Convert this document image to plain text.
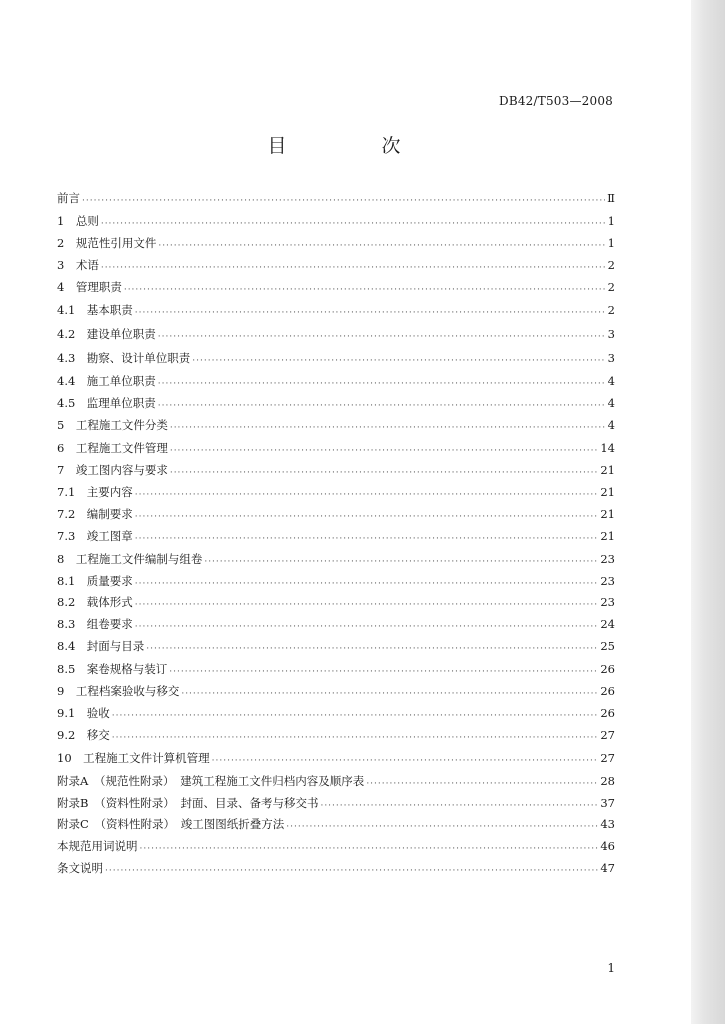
DB42/T503—2008
目　次
前言 ·····	Ⅱ
1　总则 ·····	1
2　规范性引用文件 ·····	1
3　术语 ·····	2
4　管理职责 ·····	2
4.1　基本职责 ·····	2
4.2　建设单位职责 ·····	3
4.3　勘察、设计单位职责 ·····	3
4.4　施工单位职责 ·····	4
4.5　监理单位职责 ·····	4
5　工程施工文件分类 ·····	4
6　工程施工文件管理 ·····	14
7　竣工图内容与要求 ·····	21
7.1　主要内容 ·····	21
7.2　编制要求 ·····	21
7.3　竣工图章 ·····	21
8　工程施工文件编制与组卷 ·····	23
8.1　质量要求 ·····	23
8.2　载体形式 ·····	23
8.3　组卷要求 ·····	24
8.4　封面与目录 ·····	25
8.5　案卷规格与装订 ·····	26
9　工程档案验收与移交 ·····	26
9.1　验收 ·····	26
9.2　移交 ·····	27
10　工程施工文件计算机管理 ·····	27
附录A　（规范性附录）　建筑工程施工文件归档内容及顺序表 ·····	28
附录B　（资料性附录）　封面、目录、备考与移交书 ·····	37
附录C　（资料性附录）　竣工图图纸折叠方法 ·····	43
本规范用词说明 ·····	46
条文说明 ·····	47
1
